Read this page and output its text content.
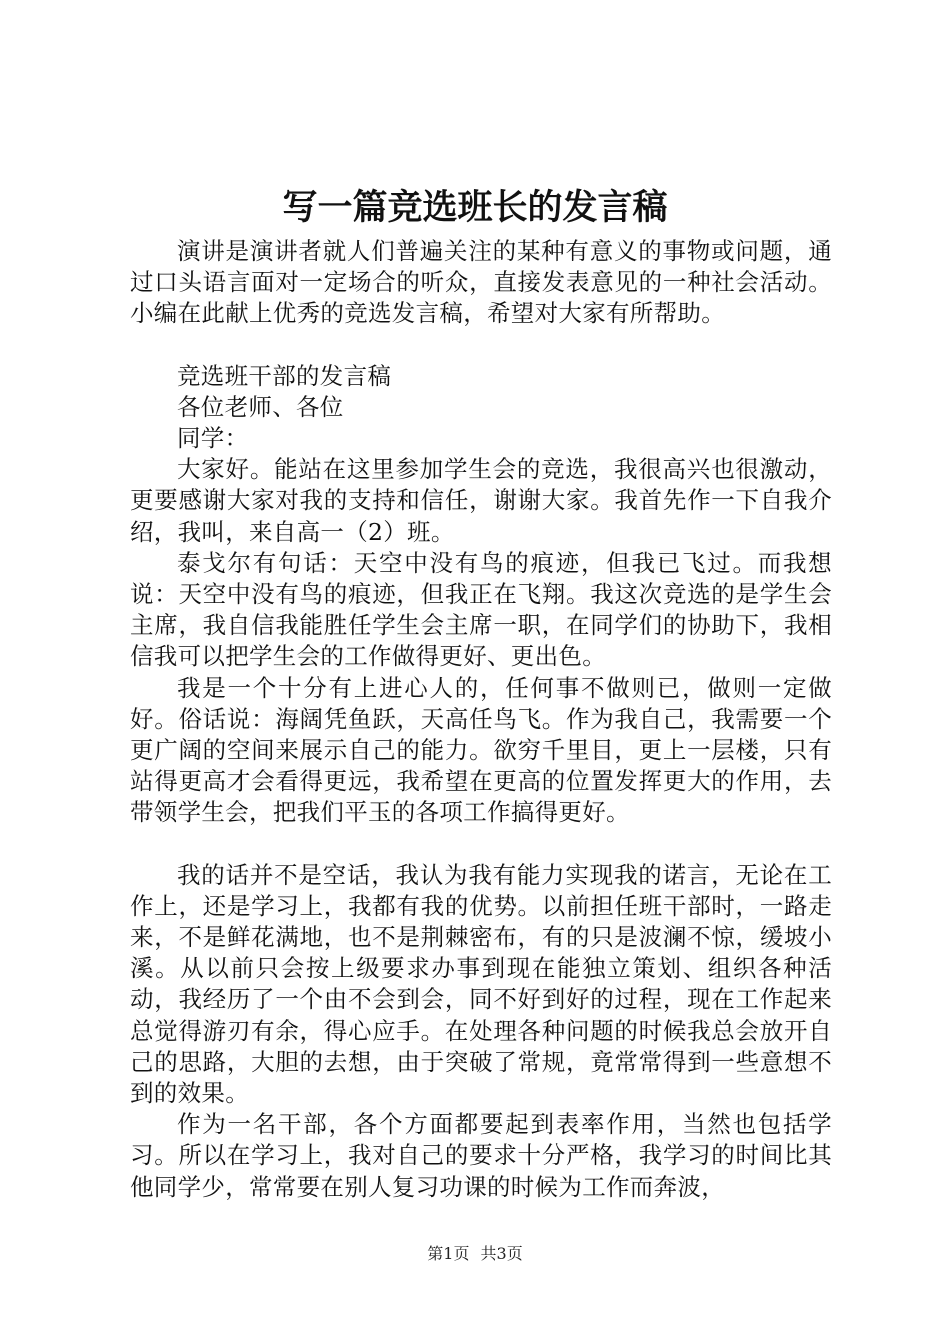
写一篇竞选班长的发言稿

演讲是演讲者就人们普遍关注的某种有意义的事物或问题，通过口头语言面对一定场合的听众，直接发表意见的一种社会活动。小编在此献上优秀的竞选发言稿，希望对大家有所帮助。

竞选班干部的发言稿

各位老师、各位

同学：

大家好。能站在这里参加学生会的竞选，我很高兴也很激动，更要感谢大家对我的支持和信任，谢谢大家。我首先作一下自我介绍，我叫，来自高一（2）班。

泰戈尔有句话：天空中没有鸟的痕迹，但我已飞过。而我想说：天空中没有鸟的痕迹，但我正在飞翔。我这次竞选的是学生会主席，我自信我能胜任学生会主席一职，在同学们的协助下，我相信我可以把学生会的工作做得更好、更出色。

我是一个十分有上进心人的，任何事不做则已，做则一定做好。俗话说：海阔凭鱼跃，天高任鸟飞。作为我自己，我需要一个更广阔的空间来展示自己的能力。欲穷千里目，更上一层楼，只有站得更高才会看得更远，我希望在更高的位置发挥更大的作用，去带领学生会，把我们平玉的各项工作搞得更好。

我的话并不是空话，我认为我有能力实现我的诺言，无论在工作上，还是学习上，我都有我的优势。以前担任班干部时，一路走来，不是鲜花满地，也不是荆棘密布，有的只是波澜不惊，缓坡小溪。从以前只会按上级要求办事到现在能独立策划、组织各种活动，我经历了一个由不会到会，同不好到好的过程，现在工作起来总觉得游刃有余，得心应手。在处理各种问题的时候我总会放开自己的思路，大胆的去想，由于突破了常规，竟常常得到一些意想不到的效果。

作为一名干部，各个方面都要起到表率作用，当然也包括学习。所以在学习上，我对自己的要求十分严格，我学习的时间比其他同学少，常常要在别人复习功课的时候为工作而奔波，

第1页 共3页
